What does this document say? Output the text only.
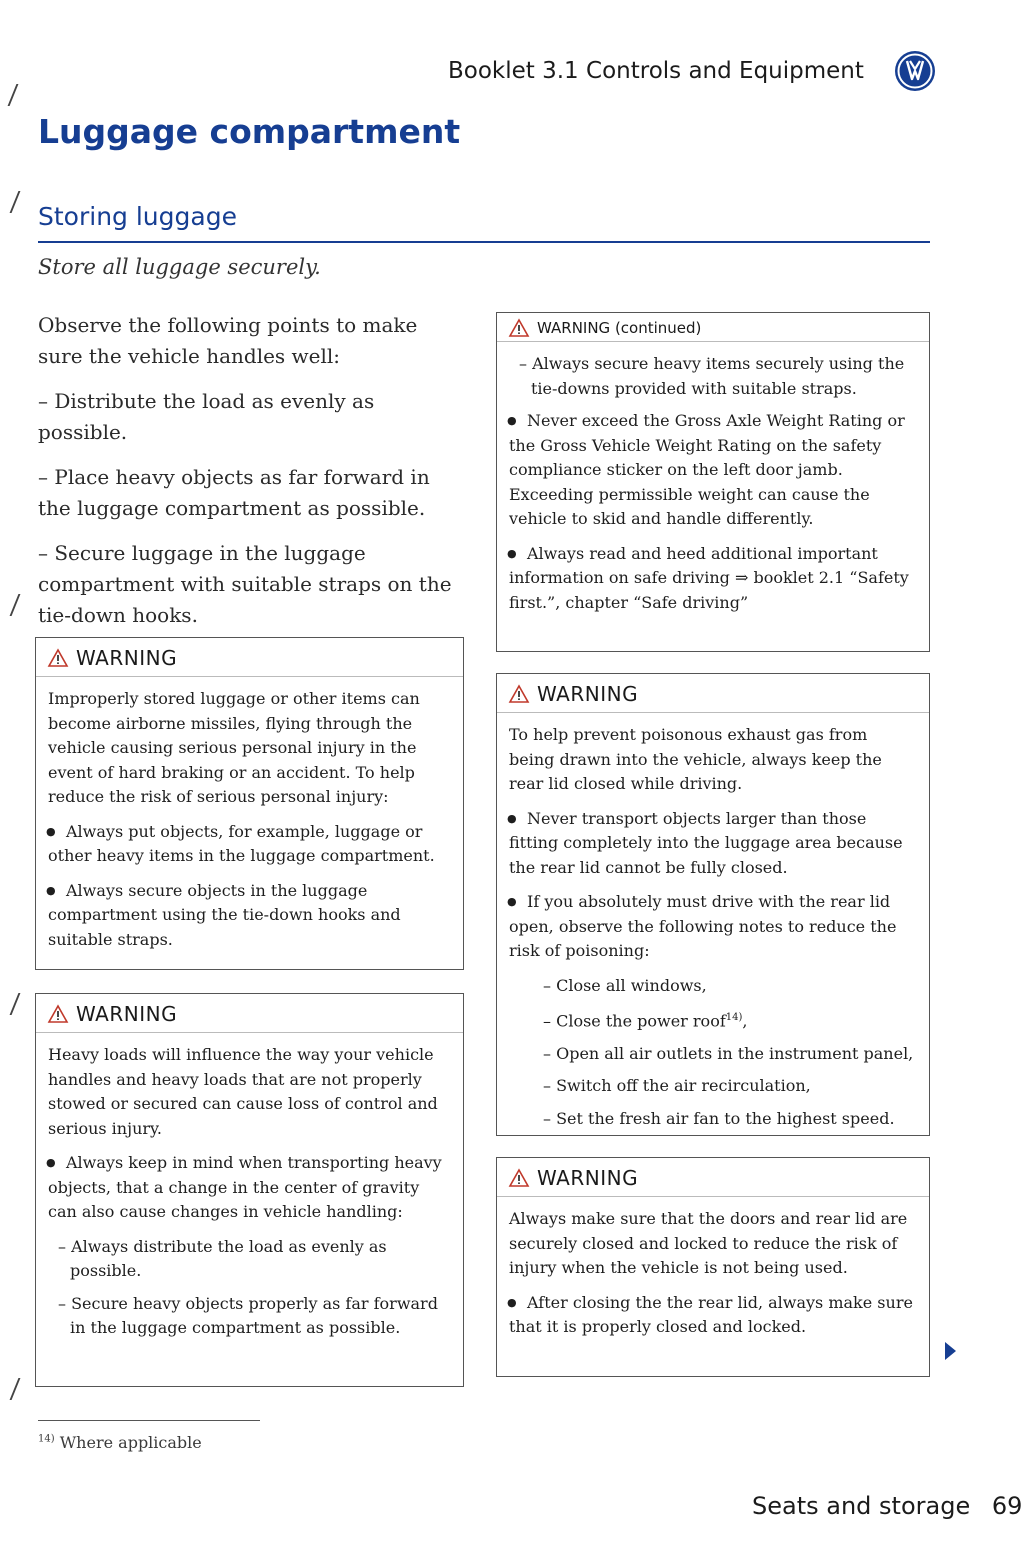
Booklet 3.1 Controls and Equipment
Luggage compartment
Storing luggage
Store all luggage securely.

Observe the following points to make sure the vehicle handles well:

– Distribute the load as evenly as possible.

– Place heavy objects as far forward in the luggage compartment as possible.

– Secure luggage in the luggage compartment with suitable straps on the tie-down hooks.

WARNING

Improperly stored luggage or other items can become airborne missiles, flying through the vehicle causing serious personal injury in the event of hard braking or an accident. To help reduce the risk of serious personal injury:

● Always put objects, for example, luggage or other heavy items in the luggage compartment.

● Always secure objects in the luggage compartment using the tie-down hooks and suitable straps.

WARNING

Heavy loads will influence the way your vehicle handles and heavy loads that are not properly stowed or secured can cause loss of control and serious injury.

● Always keep in mind when transporting heavy objects, that a change in the center of gravity can also cause changes in vehicle handling:

– Always distribute the load as evenly as possible.

– Secure heavy objects properly as far forward in the luggage compartment as possible.

WARNING (continued)

– Always secure heavy items securely using the tie-downs provided with suitable straps.

● Never exceed the Gross Axle Weight Rating or the Gross Vehicle Weight Rating on the safety compliance sticker on the left door jamb. Exceeding permissible weight can cause the vehicle to skid and handle differently.

● Always read and heed additional important information on safe driving ⇒ booklet 2.1 “Safety first.”, chapter “Safe driving”

WARNING

To help prevent poisonous exhaust gas from being drawn into the vehicle, always keep the rear lid closed while driving.

● Never transport objects larger than those fitting completely into the luggage area because the rear lid cannot be fully closed.

● If you absolutely must drive with the rear lid open, observe the following notes to reduce the risk of poisoning:

– Close all windows,

– Close the power roof$^{14)}$,

– Open all air outlets in the instrument panel,

– Switch off the air recirculation,

– Set the fresh air fan to the highest speed.

WARNING

Always make sure that the doors and rear lid are securely closed and locked to reduce the risk of injury when the vehicle is not being used.

● After closing the the rear lid, always make sure that it is properly closed and locked.

$^{14)}$ Where applicable
Seats and storage 69
